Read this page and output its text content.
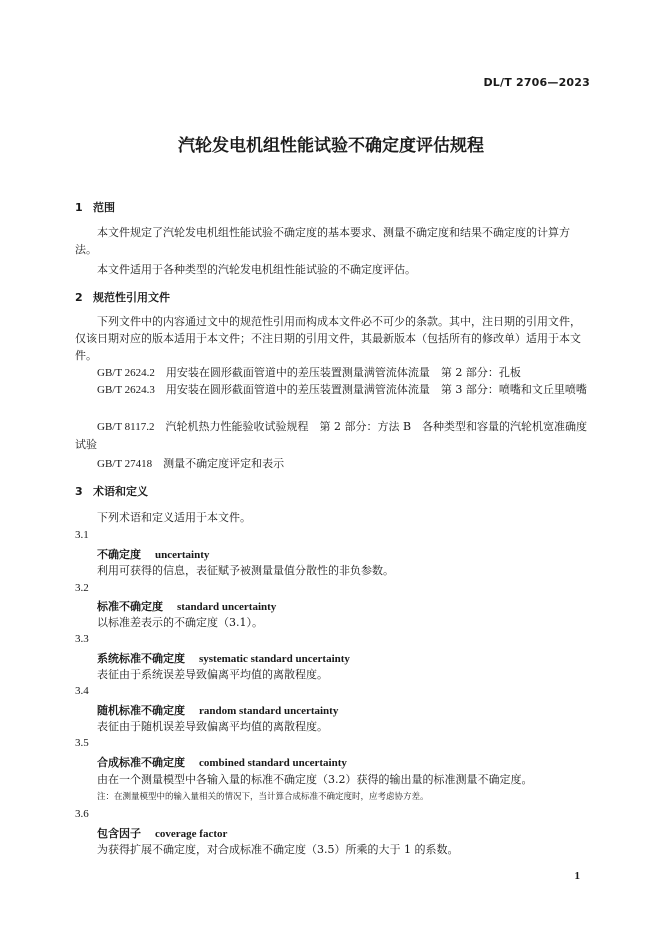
DL/T 2706—2023
汽轮发电机组性能试验不确定度评估规程
1 范围
本文件规定了汽轮发电机组性能试验不确定度的基本要求、测量不确定度和结果不确定度的计算方法。
本文件适用于各种类型的汽轮发电机组性能试验的不确定度评估。
2 规范性引用文件
下列文件中的内容通过文中的规范性引用而构成本文件必不可少的条款。其中，注日期的引用文件，仅该日期对应的版本适用于本文件；不注日期的引用文件，其最新版本（包括所有的修改单）适用于本文件。
GB/T 2624.2　 用安装在圆形截面管道中的差压装置测量满管流体流量　第 2 部分：孔板
GB/T 2624.3　 用安装在圆形截面管道中的差压装置测量满管流体流量　第 3 部分：喷嘴和文丘里喷嘴
GB/T 8117.2　 汽轮机热力性能验收试验规程　第 2 部分：方法 B　各种类型和容量的汽轮机宽准确度试验
GB/T 27418　 测量不确定度评定和表示
3 术语和定义
下列术语和定义适用于本文件。
3.1
不确定度 uncertainty
利用可获得的信息，表征赋予被测量量值分散性的非负参数。
3.2
标准不确定度 standard uncertainty
以标准差表示的不确定度（3.1）。
3.3
系统标准不确定度 systematic standard uncertainty
表征由于系统误差导致偏离平均值的离散程度。
3.4
随机标准不确定度 random standard uncertainty
表征由于随机误差导致偏离平均值的离散程度。
3.5
合成标准不确定度 combined standard uncertainty
由在一个测量模型中各输入量的标准不确定度（3.2）获得的输出量的标准测量不确定度。
注：在测量模型中的输入量相关的情况下，当计算合成标准不确定度时，应考虑协方差。
3.6
包含因子 coverage factor
为获得扩展不确定度，对合成标准不确定度（3.5）所乘的大于 1 的系数。
1
